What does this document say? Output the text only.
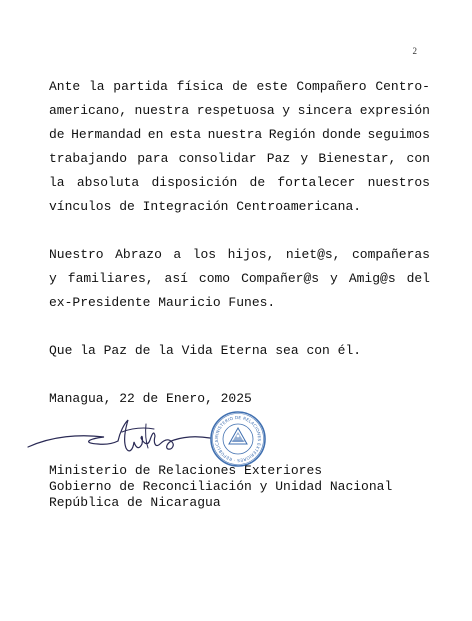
2
Ante la partida física de este Compañero Centro-
americano, nuestra respetuosa y sincera expresión
de Hermandad en esta nuestra Región donde seguimos
trabajando para consolidar Paz y Bienestar, con
la absoluta disposición de fortalecer nuestros
vínculos de Integración Centroamericana.
Nuestro Abrazo a los hijos, niet@s, compañeras
y familiares, así como Compañer@s y Amig@s del
ex-Presidente Mauricio Funes.
Que la Paz de la Vida Eterna sea con él.
Managua, 22 de Enero, 2025
MINISTERIO DE RELACIONES EXTERIORES · REPÚBLICA
Ministerio de Relaciones Exteriores
Gobierno de Reconciliación y Unidad Nacional
República de Nicaragua
